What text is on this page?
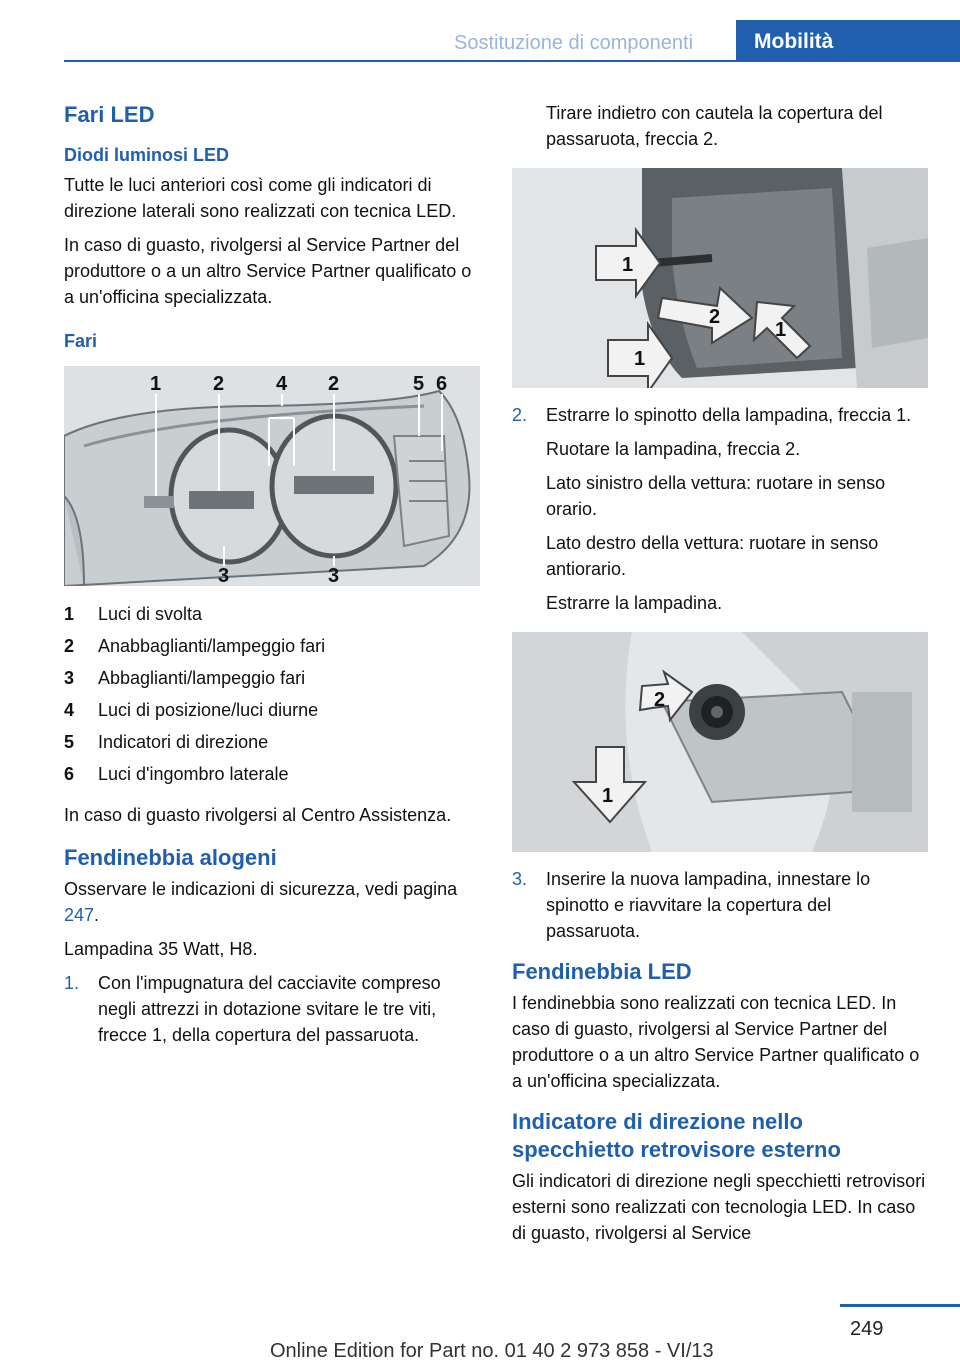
Sostituzione di componenti	Mobilità
Fari LED
Diodi luminosi LED

Tutte le luci anteriori così come gli indicatori di direzione laterali sono realizzati con tecnica LED.

In caso di guasto, rivolgersi al Service Partner del produttore o a un altro Service Partner qualificato o a un'officina specializzata.

Fari
1	2	4 2	5 6
3	3
1	Luci di svolta
2	Anabbaglianti/lampeggio fari
3	Abbaglianti/lampeggio fari
4	Luci di posizione/luci diurne
5	Indicatori di direzione
6	Luci d'ingombro laterale

In caso di guasto rivolgersi al Centro Assistenza.

Fendinebbia alogeni

Osservare le indicazioni di sicurezza, vedi pagina 247.

Lampadina 35 Watt, H8.

1.	Con l'impugnatura del cacciavite compreso negli attrezzi in dotazione svitare le tre viti, frecce 1, della copertura del passaruota.

Tirare indietro con cautela la copertura del passaruota, freccia 2.

1
2
1
1
2.	Estrarre lo spinotto della lampadina, freccia 1.

Ruotare la lampadina, freccia 2.

Lato sinistro della vettura: ruotare in senso orario.

Lato destro della vettura: ruotare in senso antiorario.

Estrarre la lampadina.

2
1
3.	Inserire la nuova lampadina, innestare lo spinotto e riavvitare la copertura del passaruota.
Fendinebbia LED

I fendinebbia sono realizzati con tecnica LED. In caso di guasto, rivolgersi al Service Partner del produttore o a un altro Service Partner qualificato o a un'officina specializzata.

Indicatore di direzione nello specchietto retrovisore esterno

Gli indicatori di direzione negli specchietti retrovisori esterni sono realizzati con tecnologia LED. In caso di guasto, rivolgersi al Service

249
Online Edition for Part no. 01 40 2 973 858 - VI/13
